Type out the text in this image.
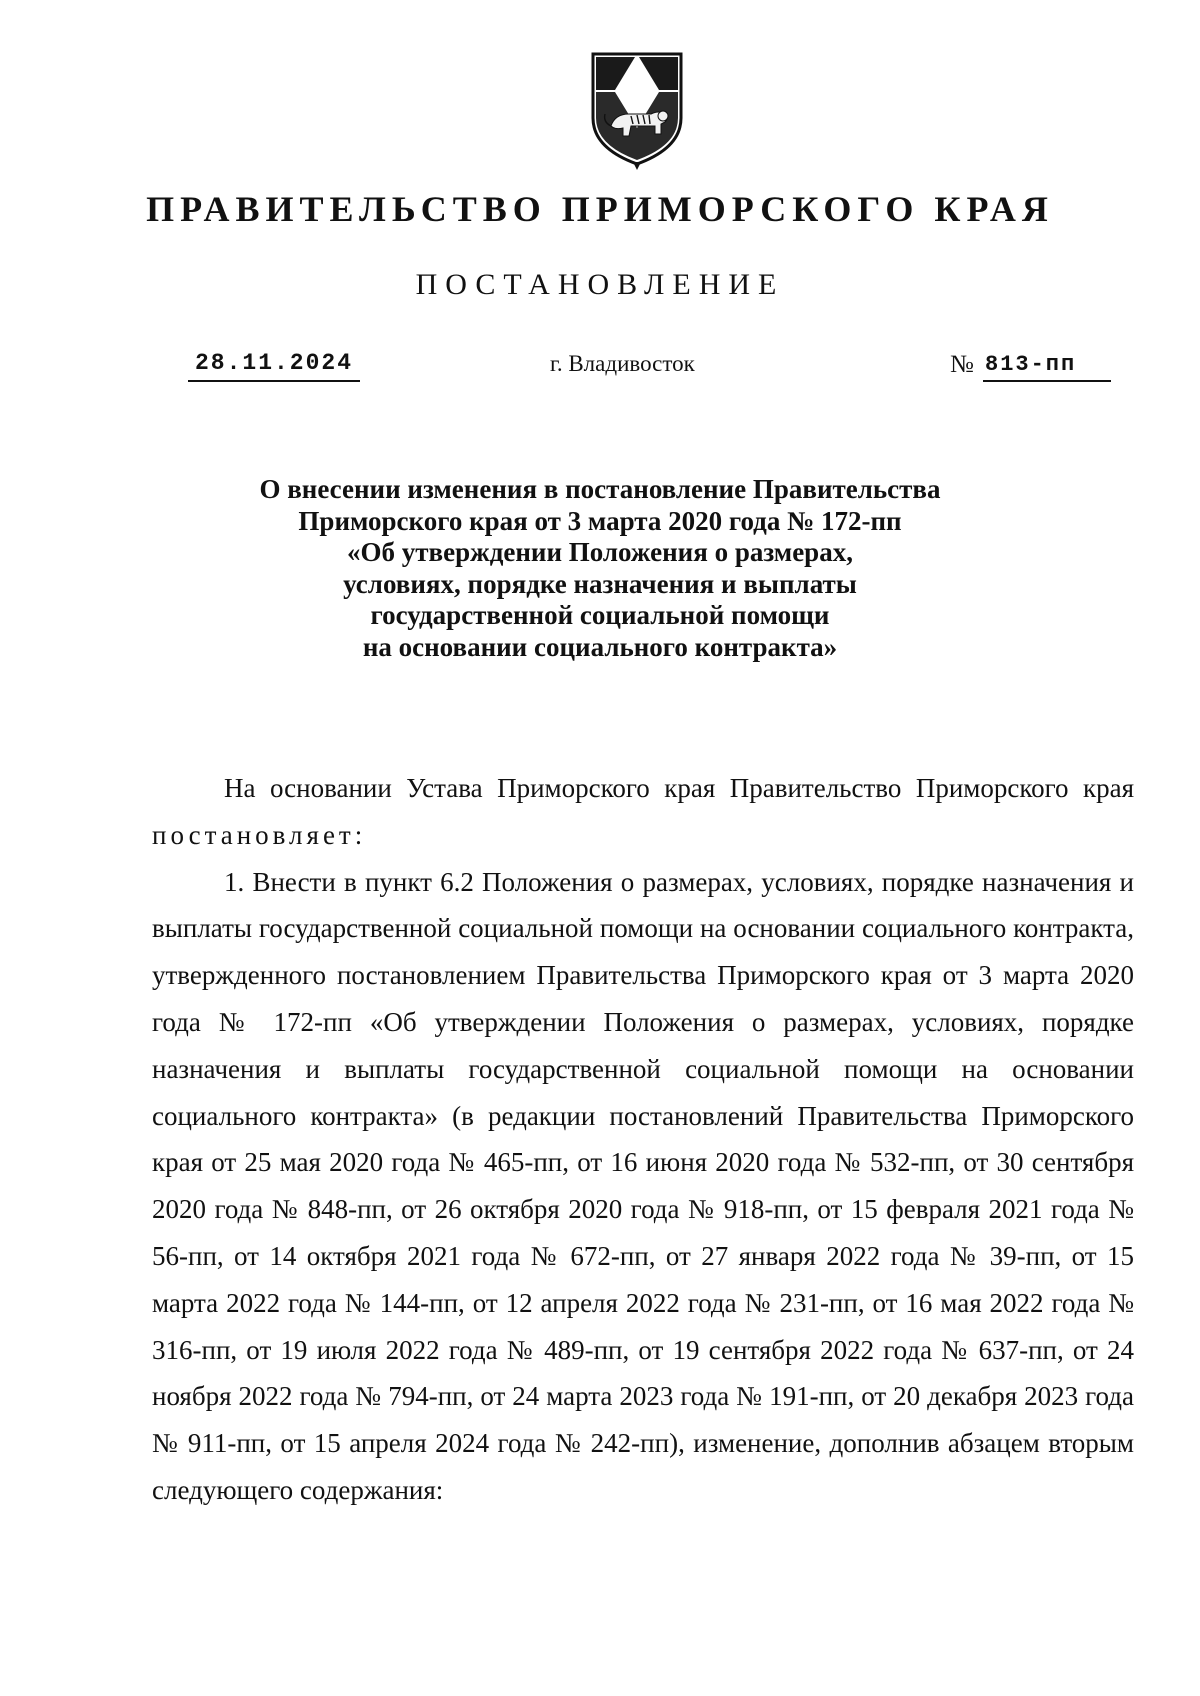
ПРАВИТЕЛЬСТВО ПРИМОРСКОГО КРАЯ
ПОСТАНОВЛЕНИЕ
28.11.2024	г. Владивосток	№ 813-пп
О внесении изменения в постановление Правительства
Приморского края от 3 марта 2020 года № 172-пп
«Об утверждении Положения о размерах,
условиях, порядке назначения и выплаты
государственной социальной помощи
на основании социального контракта»

На основании Устава Приморского края Правительство Приморского края постановляет:

1. Внести в пункт 6.2 Положения о размерах, условиях, порядке назначения и выплаты государственной социальной помощи на основании социального контракта, утвержденного постановлением Правительства Приморского края от 3 марта 2020 года № 172-пп «Об утверждении Положения о размерах, условиях, порядке назначения и выплаты государственной социальной помощи на основании социального контракта» (в редакции постановлений Правительства Приморского края от 25 мая 2020 года № 465-пп, от 16 июня 2020 года № 532-пп, от 30 сентября 2020 года № 848-пп, от 26 октября 2020 года № 918-пп, от 15 февраля 2021 года № 56-пп, от 14 октября 2021 года № 672-пп, от 27 января 2022 года № 39-пп, от 15 марта 2022 года № 144-пп, от 12 апреля 2022 года № 231-пп, от 16 мая 2022 года № 316-пп, от 19 июля 2022 года № 489-пп, от 19 сентября 2022 года № 637-пп, от 24 ноября 2022 года № 794-пп, от 24 марта 2023 года № 191-пп, от 20 декабря 2023 года № 911-пп, от 15 апреля 2024 года № 242-пп), изменение, дополнив абзацем вторым следующего содержания:
